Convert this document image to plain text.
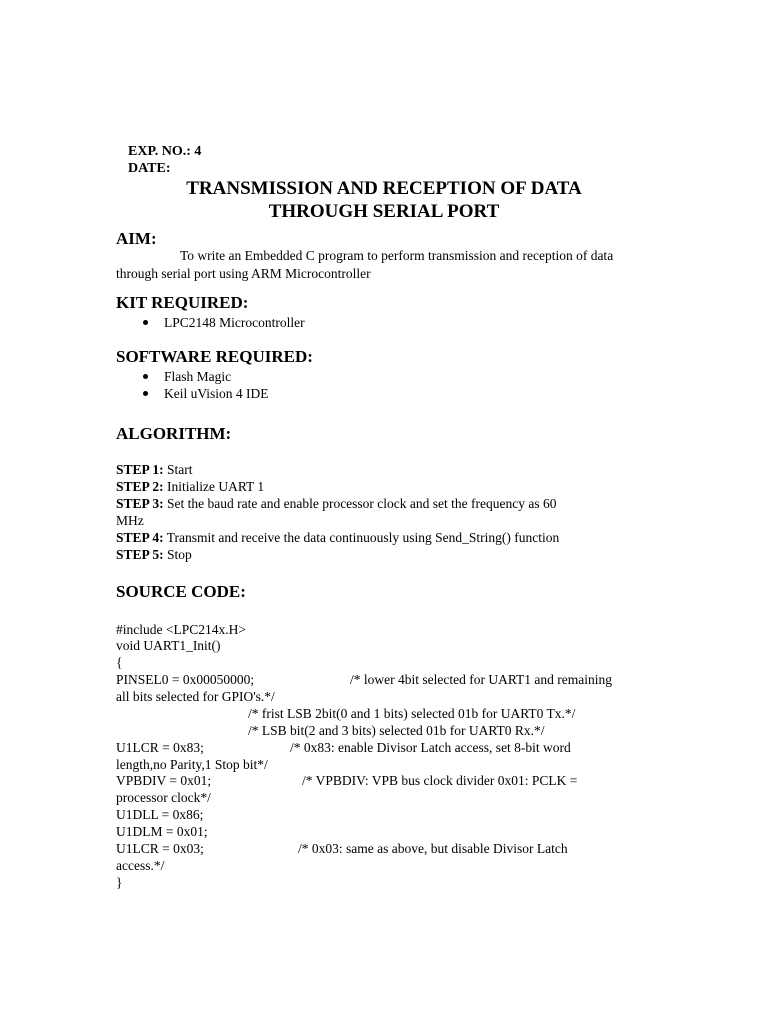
EXP. NO.: 4
DATE:
TRANSMISSION AND RECEPTION OF DATA
THROUGH SERIAL PORT
AIM:
To write an Embedded C program to perform transmission and reception of data
through serial port using ARM Microcontroller
KIT REQUIRED:
LPC2148 Microcontroller
SOFTWARE REQUIRED:
Flash Magic
Keil uVision 4 IDE
ALGORITHM:
STEP 1: Start
STEP 2: Initialize UART 1
STEP 3: Set the baud rate and enable processor clock and set the frequency as 60
MHz
STEP 4: Transmit and receive the data continuously using Send_String() function
STEP 5: Stop
SOURCE CODE:
#include <LPC214x.H>
void UART1_Init()
{
PINSEL0 = 0x00050000;	/* lower 4bit selected for UART1 and remaining
all bits selected for GPIO's.*/
/* frist LSB 2bit(0 and 1 bits) selected 01b for UART0 Tx.*/
/* LSB bit(2 and 3 bits) selected 01b for UART0 Rx.*/
U1LCR = 0x83;	/* 0x83: enable Divisor Latch access, set 8-bit word
length,no Parity,1 Stop bit*/
VPBDIV = 0x01;	/* VPBDIV: VPB bus clock divider 0x01: PCLK =
processor clock*/
U1DLL = 0x86;
U1DLM = 0x01;
U1LCR = 0x03;	/* 0x03: same as above, but disable Divisor Latch
access.*/
}
